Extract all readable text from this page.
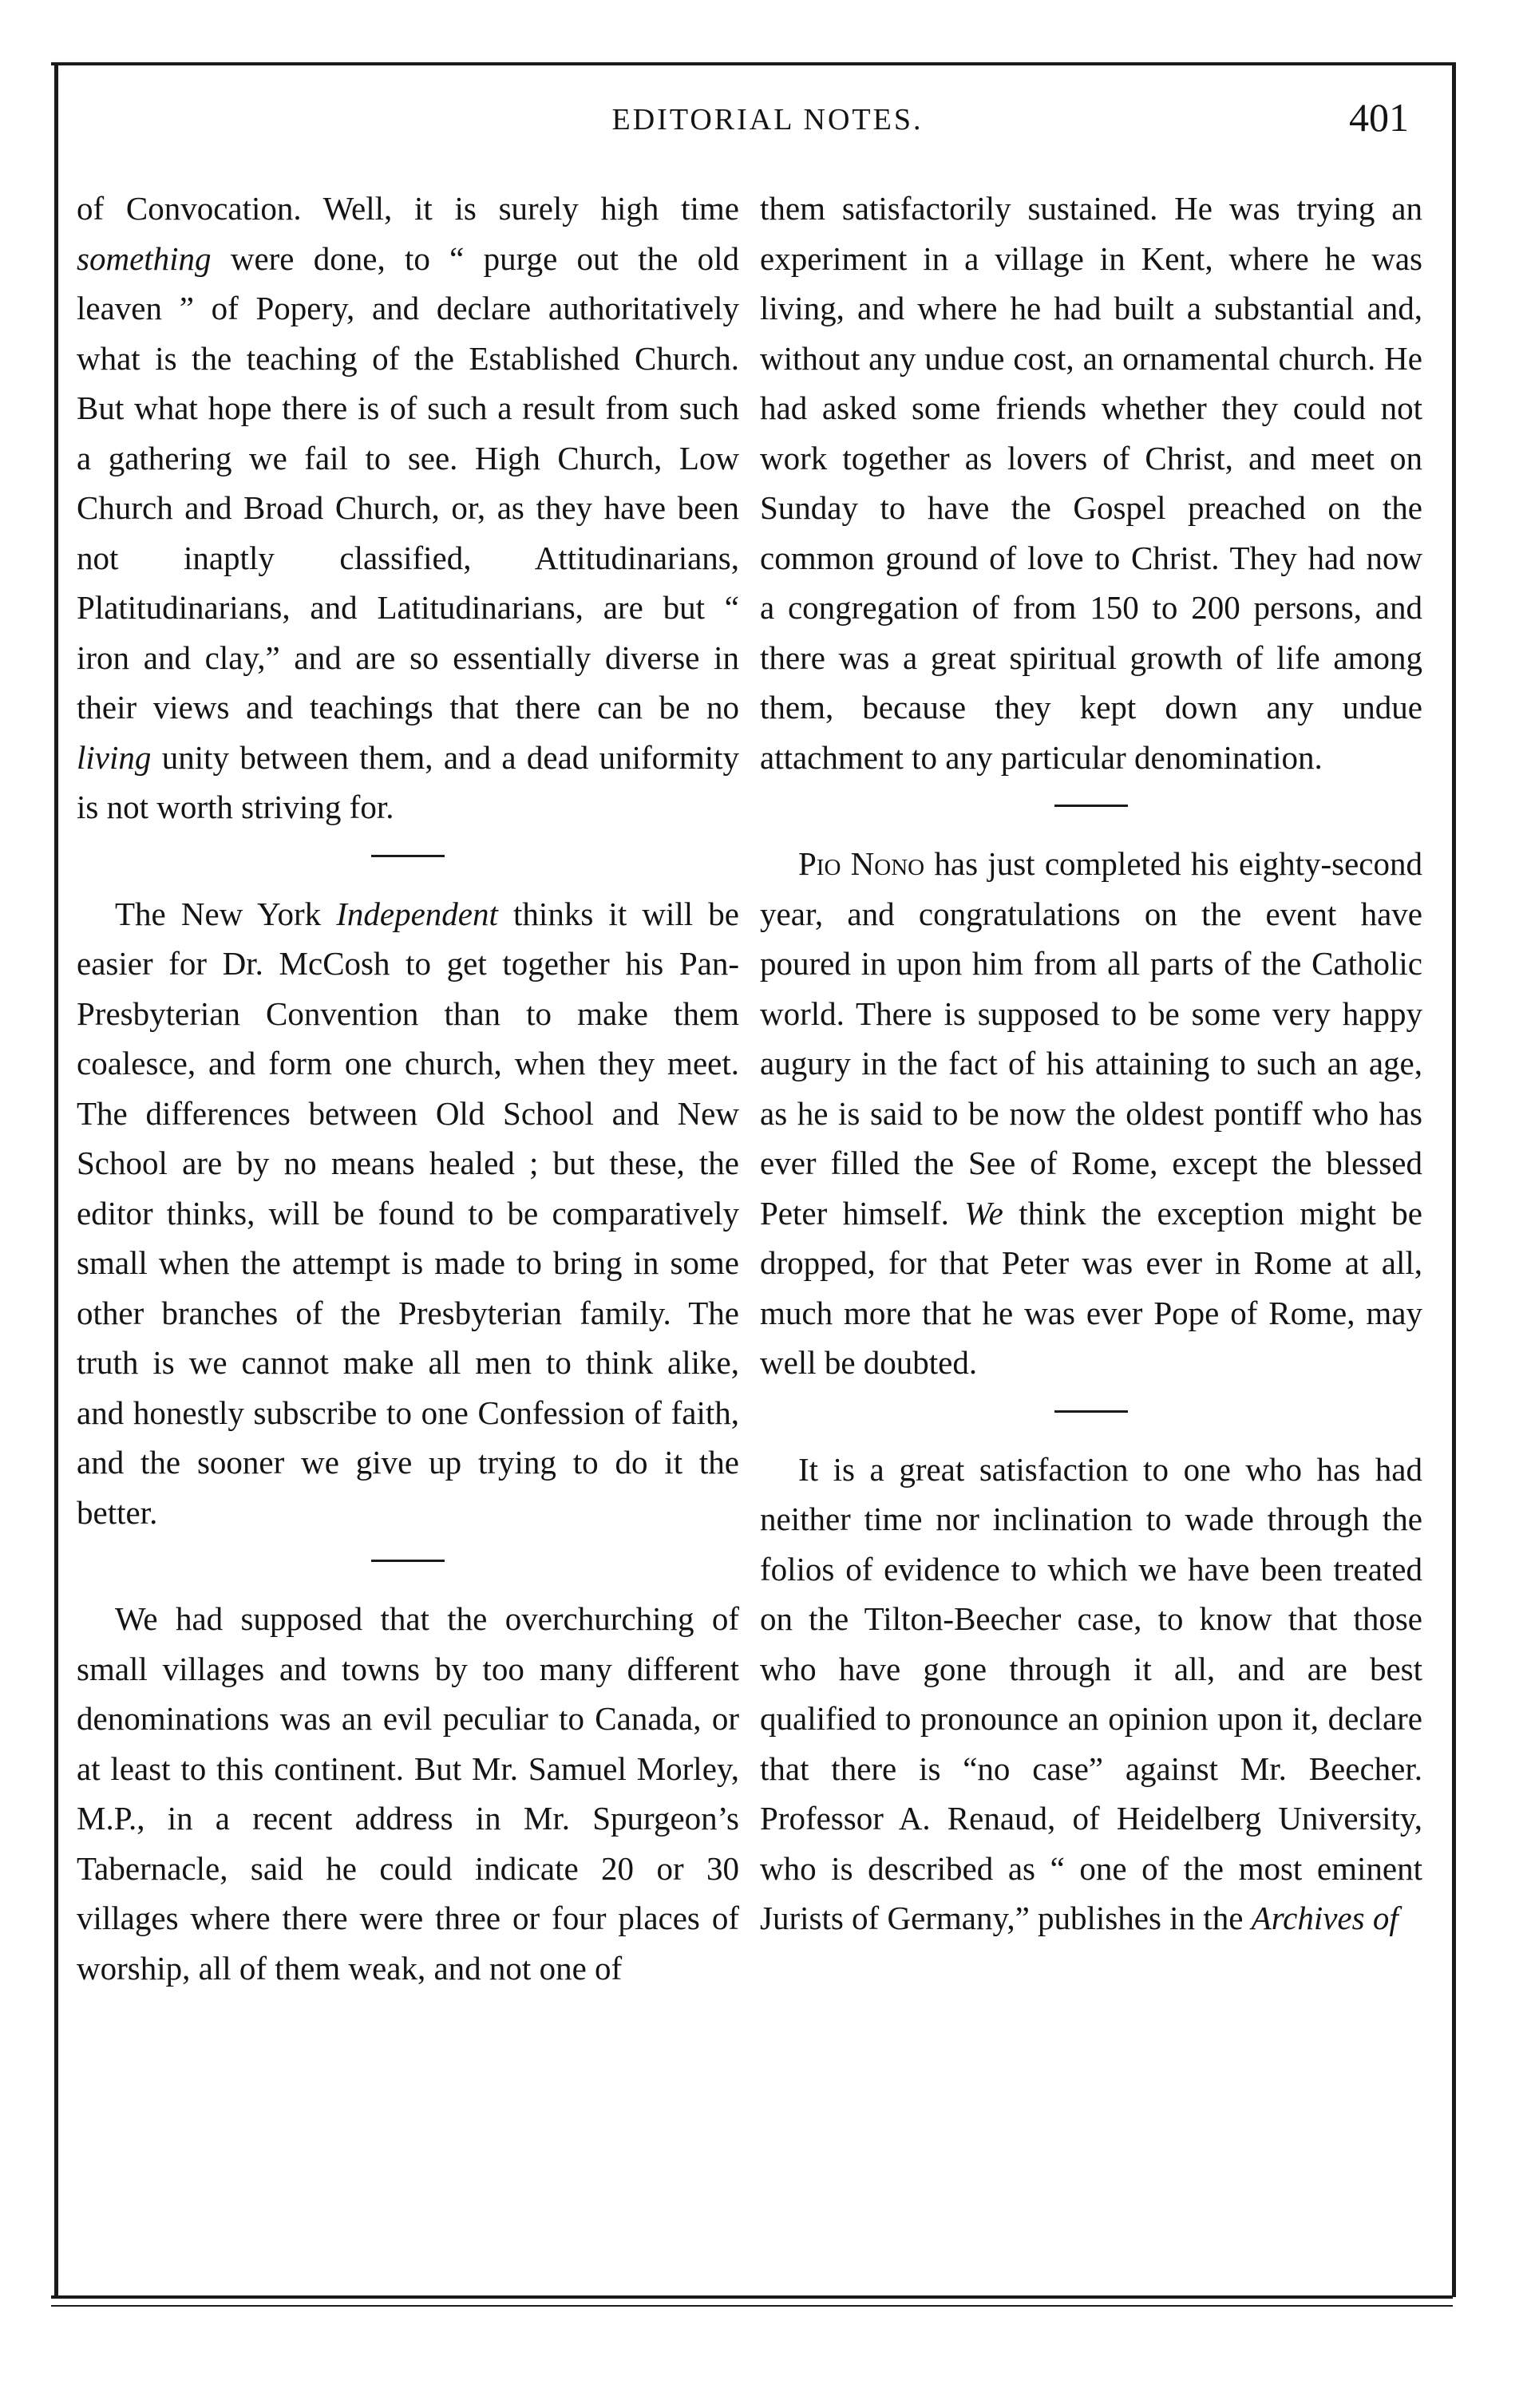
EDITORIAL NOTES.	401

of Convocation. Well, it is surely high time something were done, to “ purge out the old leaven ” of Popery, and declare authoritatively what is the teaching of the Established Church. But what hope there is of such a result from such a gathering we fail to see. High Church, Low Church and Broad Church, or, as they have been not inaptly classified, Attitudinarians, Platitudinarians, and Latitudinarians, are but “ iron and clay,” and are so essentially diverse in their views and teachings that there can be no living unity between them, and a dead uniformity is not worth striving for.

The New York Independent thinks it will be easier for Dr. McCosh to get together his Pan-Presbyterian Convention than to make them coalesce, and form one church, when they meet. The differences between Old School and New School are by no means healed ; but these, the editor thinks, will be found to be comparatively small when the attempt is made to bring in some other branches of the Presbyterian family. The truth is we cannot make all men to think alike, and honestly subscribe to one Confession of faith, and the sooner we give up trying to do it the better.

We had supposed that the overchurching of small villages and towns by too many different denominations was an evil peculiar to Canada, or at least to this continent. But Mr. Samuel Morley, M.P., in a recent address in Mr. Spurgeon’s Tabernacle, said he could indicate 20 or 30 villages where there were three or four places of worship, all of them weak, and not one of

them satisfactorily sustained. He was trying an experiment in a village in Kent, where he was living, and where he had built a substantial and, without any undue cost, an ornamental church. He had asked some friends whether they could not work together as lovers of Christ, and meet on Sunday to have the Gospel preached on the common ground of love to Christ. They had now a congregation of from 150 to 200 persons, and there was a great spiritual growth of life among them, because they kept down any undue attachment to any particular denomination.

Pio Nono has just completed his eighty-second year, and congratulations on the event have poured in upon him from all parts of the Catholic world. There is supposed to be some very happy augury in the fact of his attaining to such an age, as he is said to be now the oldest pontiff who has ever filled the See of Rome, except the blessed Peter himself. We think the exception might be dropped, for that Peter was ever in Rome at all, much more that he was ever Pope of Rome, may well be doubted.

It is a great satisfaction to one who has had neither time nor inclination to wade through the folios of evidence to which we have been treated on the Tilton-Beecher case, to know that those who have gone through it all, and are best qualified to pronounce an opinion upon it, declare that there is “no case” against Mr. Beecher. Professor A. Renaud, of Heidelberg University, who is described as “ one of the most eminent Jurists of Germany,” publishes in the Archives of
